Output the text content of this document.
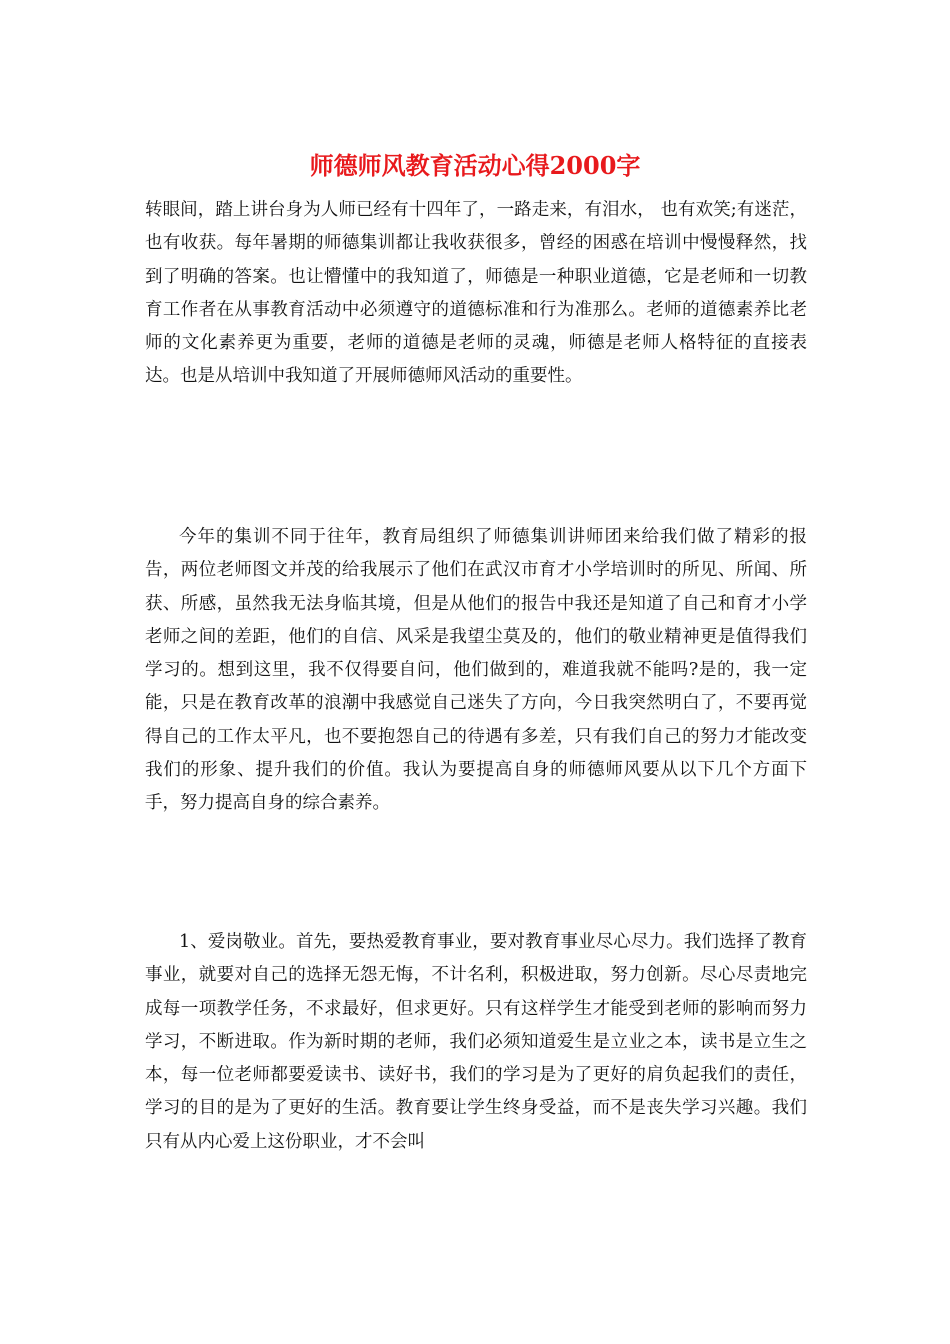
师德师风教育活动心得2000字

转眼间，踏上讲台身为人师已经有十四年了，一路走来，有泪水， 也有欢笑;有迷茫，也有收获。每年暑期的师德集训都让我收获很多，曾经的困惑在培训中慢慢释然，找到了明确的答案。也让懵懂中的我知道了，师德是一种职业道德，它是老师和一切教育工作者在从事教育活动中必须遵守的道德标准和行为准那么。老师的道德素养比老师的文化素养更为重要，老师的道德是老师的灵魂，师德是老师人格特征的直接表达。也是从培训中我知道了开展师德师风活动的重要性。

今年的集训不同于往年，教育局组织了师德集训讲师团来给我们做了精彩的报告，两位老师图文并茂的给我展示了他们在武汉市育才小学培训时的所见、所闻、所获、所感，虽然我无法身临其境，但是从他们的报告中我还是知道了自己和育才小学老师之间的差距，他们的自信、风采是我望尘莫及的，他们的敬业精神更是值得我们学习的。想到这里，我不仅得要自问，他们做到的，难道我就不能吗?是的，我一定能，只是在教育改革的浪潮中我感觉自己迷失了方向，今日我突然明白了，不要再觉得自己的工作太平凡，也不要抱怨自己的待遇有多差，只有我们自己的努力才能改变我们的形象、提升我们的价值。我认为要提高自身的师德师风要从以下几个方面下手，努力提高自身的综合素养。

1、爱岗敬业。首先，要热爱教育事业，要对教育事业尽心尽力。我们选择了教育事业，就要对自己的选择无怨无悔，不计名利，积极进取，努力创新。尽心尽责地完成每一项教学任务，不求最好，但求更好。只有这样学生才能受到老师的影响而努力学习，不断进取。作为新时期的老师，我们必须知道爱生是立业之本，读书是立生之本，每一位老师都要爱读书、读好书，我们的学习是为了更好的肩负起我们的责任，学习的目的是为了更好的生活。教育要让学生终身受益，而不是丧失学习兴趣。我们只有从内心爱上这份职业，才不会叫
